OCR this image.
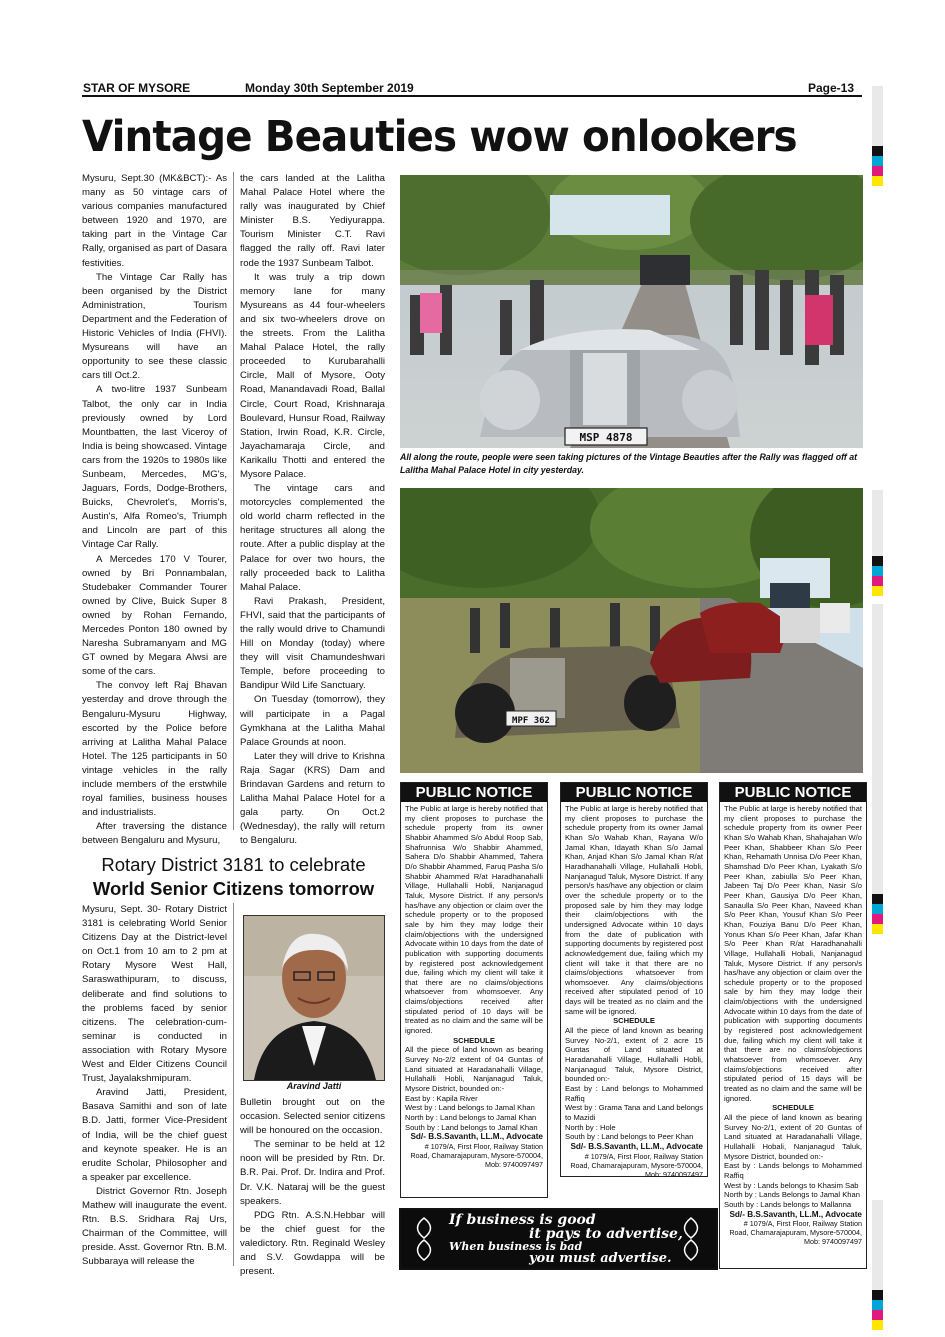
STAR OF MYSORE	Monday 30th September 2019	Page-13
Vintage Beauties wow onlookers

Mysuru, Sept.30 (MK&BCT):- As many as 50 vintage cars of various companies manufactured between 1920 and 1970, are taking part in the Vintage Car Rally, organised as part of Dasara festivities.

The Vintage Car Rally has been organised by the District Administration, Tourism Department and the Federation of Historic Vehicles of India (FHVI). Mysureans will have an opportunity to see these classic cars till Oct.2.

A two-litre 1937 Sunbeam Talbot, the only car in India previously owned by Lord Mountbatten, the last Viceroy of India is being showcased. Vintage cars from the 1920s to 1980s like Sunbeam, Mercedes, MG's, Jaguars, Fords, Dodge-Brothers, Buicks, Chevrolet's, Morris's, Austin's, Alfa Romeo's, Triumph and Lincoln are part of this Vintage Car Rally.

A Mercedes 170 V Tourer, owned by Bri Ponnambalan, Studebaker Commander Tourer owned by Clive, Buick Super 8 owned by Rohan Fernando, Mercedes Ponton 180 owned by Naresha Subramanyam and MG GT owned by Megara Alwsi are some of the cars.

The convoy left Raj Bhavan yesterday and drove through the Bengaluru-Mysuru Highway, escorted by the Police before arriving at Lalitha Mahal Palace Hotel. The 125 participants in 50 vintage vehicles in the rally include members of the erstwhile royal families, business houses and industrialists.

After traversing the distance between Bengaluru and Mysuru,

the cars landed at the Lalitha Mahal Palace Hotel where the rally was inaugurated by Chief Minister B.S. Yediyurappa. Tourism Minister C.T. Ravi flagged the rally off. Ravi later rode the 1937 Sunbeam Talbot.

It was truly a trip down memory lane for many Mysureans as 44 four-wheelers and six two-wheelers drove on the streets. From the Lalitha Mahal Palace Hotel, the rally proceeded to Kurubarahalli Circle, Mall of Mysore, Ooty Road, Manandavadi Road, Ballal Circle, Court Road, Krishnaraja Boulevard, Hunsur Road, Railway Station, Irwin Road, K.R. Circle, Jayachamaraja Circle, and Karikallu Thotti and entered the Mysore Palace.

The vintage cars and motorcycles complemented the old world charm reflected in the heritage structures all along the route. After a public display at the Palace for over two hours, the rally proceeded back to Lalitha Mahal Palace.

Ravi Prakash, President, FHVI, said that the participants of the rally would drive to Chamundi Hill on Monday (today) where they will visit Chamundeshwari Temple, before proceeding to Bandipur Wild Life Sanctuary.

On Tuesday (tomorrow), they will participate in a Pagal Gymkhana at the Lalitha Mahal Palace Grounds at noon.

Later they will drive to Krishna Raja Sagar (KRS) Dam and Brindavan Gardens and return to Lalitha Mahal Palace Hotel for a gala party. On Oct.2 (Wednesday), the rally will return to Bengaluru.

MSP 4878
All along the route, people were seen taking pictures of the Vintage Beauties after the Rally was flagged off at Lalitha Mahal Palace Hotel in city yesterday.
MPF 362
Rotary District 3181 to celebrate
World Senior Citizens tomorrow

Mysuru, Sept. 30- Rotary District 3181 is celebrating World Senior Citizens Day at the District-level on Oct.1 from 10 am to 2 pm at Rotary Mysore West Hall, Saraswathipuram, to discuss, deliberate and find solutions to the problems faced by senior citizens. The celebration-cum-seminar is conducted in association with Rotary Mysore West and Elder Citizens Council Trust, Jayalakshmipuram.

Aravind Jatti, President, Basava Samithi and son of late B.D. Jatti, former Vice-President of India, will be the chief guest and keynote speaker. He is an erudite Scholar, Philosopher and a speaker par excellence.

District Governor Rtn. Joseph Mathew will inaugurate the event. Rtn. B.S. Sridhara Raj Urs, Chairman of the Committee, will preside. Asst. Governor Rtn. B.M. Subbaraya will release the

Aravind Jatti

Bulletin brought out on the occasion. Selected senior citizens will be honoured on the occasion.

The seminar to be held at 12 noon will be presided by Rtn. Dr. B.R. Pai. Prof. Dr. Indira and Prof. Dr. V.K. Nataraj will be the guest speakers.

PDG Rtn. A.S.N.Hebbar will be the chief guest for the valedictory. Rtn. Reginald Wesley and S.V. Gowdappa will be present.

PUBLIC NOTICE
The Public at large is hereby notified that my client proposes to purchase the schedule property from its owner Shabbir Ahammed S/o Abdul Roop Sab, Shafrunnisa W/o Shabbir Ahammed, Sahera D/o Shabbir Ahammed, Tahera D/o Shabbir Ahammed, Faruq Pasha S/o Shabbir Ahammed R/at Haradhanahalli Village, Hullahalli Hobli, Nanjanagud Taluk, Mysore District. If any person/s has/have any objection or claim over the schedule property or to the proposed sale by him they may lodge their claim/objections with the undersigned Advocate within 10 days from the date of publication with supporting documents by registered post acknowledgement due, failing which my client will take it that there are no claims/objections whatsoever from whomsoever. Any claims/objections received after stipulated period of 10 days will be treated as no claim and the same will be ignored.
SCHEDULE
All the piece of land known as bearing Survey No-2/2 extent of 04 Guntas of Land situated at Haradanahalli Village, Hullahalli Hobli, Nanjanagud Taluk, Mysore District, bounded on:-
East by : Kapila River
West by : Land belongs to Jamal Khan
North by : Land belongs to Jamal Khan
South by : Land belongs to Jamal Khan
Sd/- B.S.Savanth, LL.M., Advocate
# 1079/A, First Floor, Railway Station Road, Chamarajapuram, Mysore-570004, Mob: 9740097497
PUBLIC NOTICE
The Public at large is hereby notified that my client proposes to purchase the schedule property from its owner Jamal Khan S/o Wahab Khan, Rayana W/o Jamal Khan, Idayath Khan S/o Jamal Khan, Anjad Khan S/o Jamal Khan R/at Haradhanahalli Village, Hullahalli Hobli, Nanjanagud Taluk, Mysore District. If any person/s has/have any objection or claim over the schedule property or to the proposed sale by him they may lodge their claim/objections with the undersigned Advocate within 10 days from the date of publication with supporting documents by registered post acknowledgement due, failing which my client will take it that there are no claims/objections whatsoever from whomsoever. Any claims/objections received after stipulated period of 10 days will be treated as no claim and the same will be ignored.
SCHEDULE
All the piece of land known as bearing Survey No-2/1, extent of 2 acre 15 Guntas of Land situated at Haradanahalli Village, Hullahalli Hobli, Nanjanagud Taluk, Mysore District, bounded on:-
East by : Land belongs to Mohammed Raffiq
West by : Grama Tana and Land belongs to Mazidi
North by : Hole
South by : Land belongs to Peer Khan
Sd/- B.S.Savanth, LL.M., Advocate
# 1079/A, First Floor, Railway Station Road, Chamarajapuram, Mysore-570004, Mob: 9740097497
PUBLIC NOTICE
The Public at large is hereby notified that my client proposes to purchase the schedule property from its owner Peer Khan S/o Wahab Khan, Shahajahan W/o Peer Khan, Shabbeer Khan S/o Peer Khan, Rehamath Unnisa D/o Peer Khan, Shamshad D/o Peer Khan, Lyakath S/o Peer Khan, zabiulla S/o Peer Khan, Jabeen Taj D/o Peer Khan, Nasir S/o Peer Khan, Gausiya D/o Peer Khan, Sanaulla S/o Peer Khan, Naveed Khan S/o Peer Khan, Yousuf Khan S/o Peer Khan, Fouziya Banu D/o Peer Khan, Yonus Khan S/o Peer Khan, Jafar Khan S/o Peer Khan R/at Haradhanahalli Village, Hullahalli Hobali, Nanjanagud Taluk, Mysore District. If any person/s has/have any objection or claim over the schedule property or to the proposed sale by him they may lodge their claim/objections with the undersigned Advocate within 10 days from the date of publication with supporting documents by registered post acknowledgement due, failing which my client will take it that there are no claims/objections whatsoever from whomsoever. Any claims/objections received after stipulated period of 15 days will be treated as no claim and the same will be ignored.
SCHEDULE
All the piece of land known as bearing Survey No-2/1, extent of 20 Guntas of Land situated at Haradanahalli Village, Hullahalli Hobali, Nanjanagud Taluk, Mysore District, bounded on:-
East by : Lands belongs to Mohammed Raffiq
West by : Lands belongs to Khasim Sab
North by : Lands Belongs to Jamal Khan
South by : Lands belongs to Mallanna
Sd/- B.S.Savanth, LL.M., Advocate
# 1079/A, First Floor, Railway Station Road, Chamarajapuram, Mysore-570004, Mob: 9740097497
If business is good
it pays to advertise,
When business is bad
you must advertise.
